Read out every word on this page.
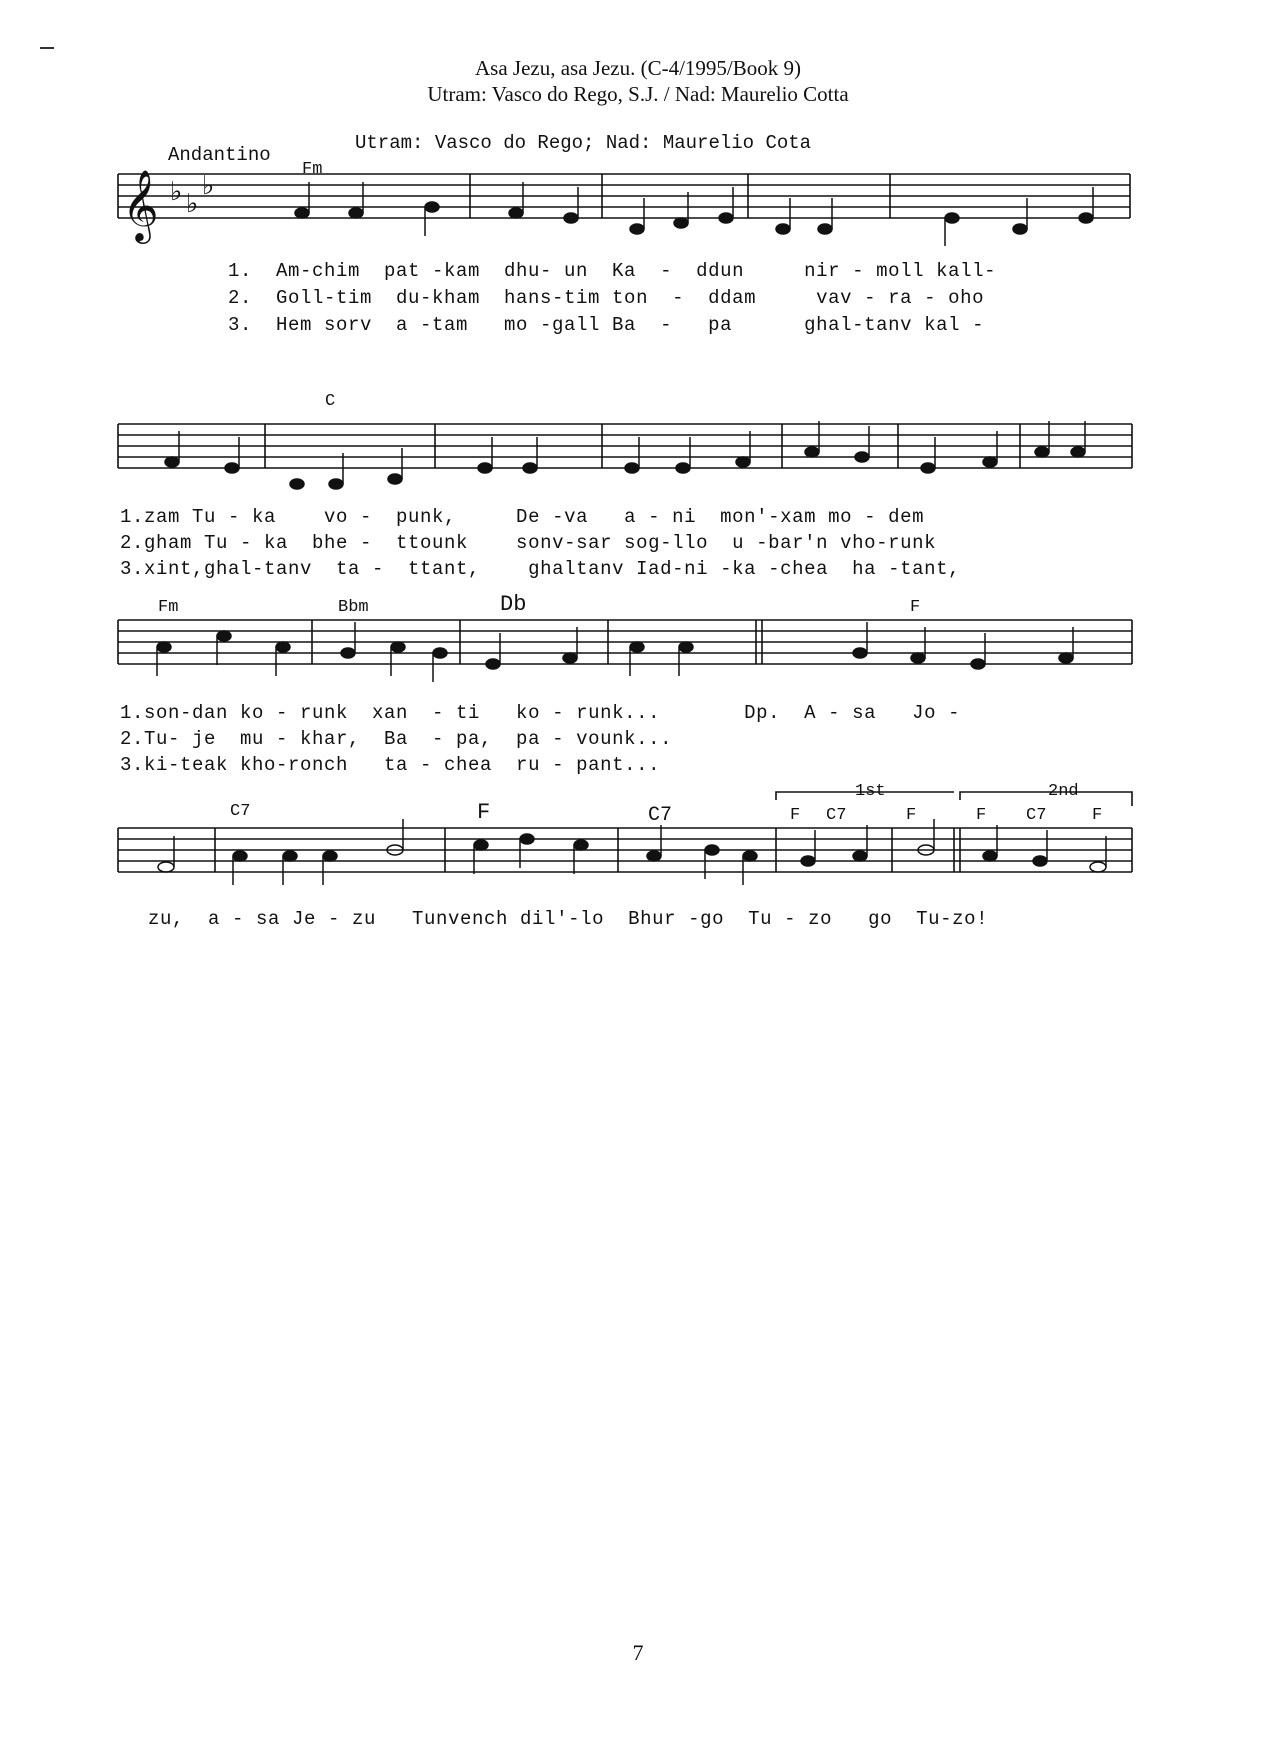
Asa Jezu, asa Jezu. (C-4/1995/Book 9)
Utram: Vasco do Rego, S.J. / Nad: Maurelio Cotta
Andantino
Utram: Vasco do Rego; Nad: Maurelio Cota
Fm
C
Fm	Bbm	Db	F
C7	F	C7	F C7	F	F C7	F
1st	2nd
𝄞 ♭ ♭
♭
1.  Am-chim  pat -kam  dhu- un  Ka  -  ddun     nir - moll kall-
2.  Goll-tim  du-kham  hans-tim ton  -  ddam     vav - ra - oho
3.  Hem sorv  a -tam   mo -gall Ba  -   pa      ghal-tanv kal -
1.zam Tu - ka    vo -  punk,     De -va   a - ni  mon'-xam mo - dem
2.gham Tu - ka  bhe -  ttounk    sonv-sar sog-llo  u -bar'n vho-runk
3.xint,ghal-tanv  ta -  ttant,    ghaltanv Iad-ni -ka -chea  ha -tant,
1.son-dan ko - runk  xan  - ti   ko - runk...       Dp.  A - sa   Jo -
2.Tu- je  mu - khar,  Ba  - pa,  pa - vounk...
3.ki-teak kho-ronch   ta - chea  ru - pant...
zu,  a - sa Je - zu   Tunvench dil'-lo  Bhur -go  Tu - zo   go  Tu-zo!
7
